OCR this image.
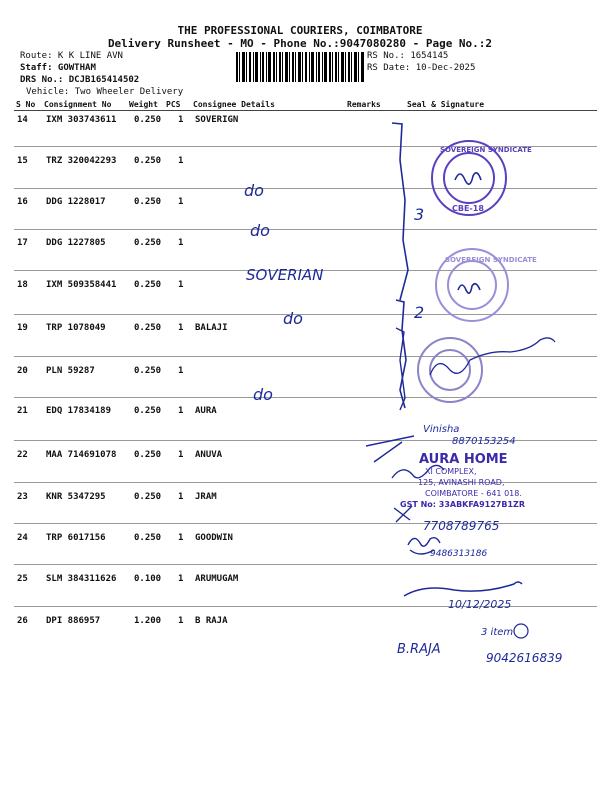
THE PROFESSIONAL COURIERS, COIMBATORE
Delivery Runsheet - MO - Phone No.:9047080280 - Page No.:2
Route: K K LINE AVN
Staff: GOWTHAM
DRS No.: DCJB165414502
Vehicle: Two Wheeler Delivery
RS No.: 1654145
RS Date: 10-Dec-2025
S No Consignment No Weight PCS Consignee Details	Remarks	Seal & Signature
14 IXM 303743611 0.250 1 SOVERIGN
15 TRZ 320042293 0.250 1
16 DDG 1228017	0.250 1
17 DDG 1227805	0.250 1
18 IXM 509358441 0.250 1
19 TRP 1078049	0.250 1 BALAJI
20 PLN 59287	0.250 1
21 EDQ 17834189	0.250 1 AURA
22 MAA 714691078 0.250 1 ANUVA
23 KNR 5347295	0.250 1 JRAM
24 TRP 6017156	0.250 1 GOODWIN
25 SLM 384311626 0.100 1 ARUMUGAM
26 DPI 886957	1.200 1 B RAJA
SOVEREIGN SYNDICATE
CBE-18
SOVEREIGN SYNDICATE
do
do
SOVERIAN
do
do
3
2
Vinisha
8870153254
AURA HOME
XI COMPLEX,
125, AVINASHI ROAD,
COIMBATORE - 641 018.
GST No: 33ABKFA9127B1ZR
7708789765
9486313186
10/12/2025
B.RAJA
3 item
9042616839
